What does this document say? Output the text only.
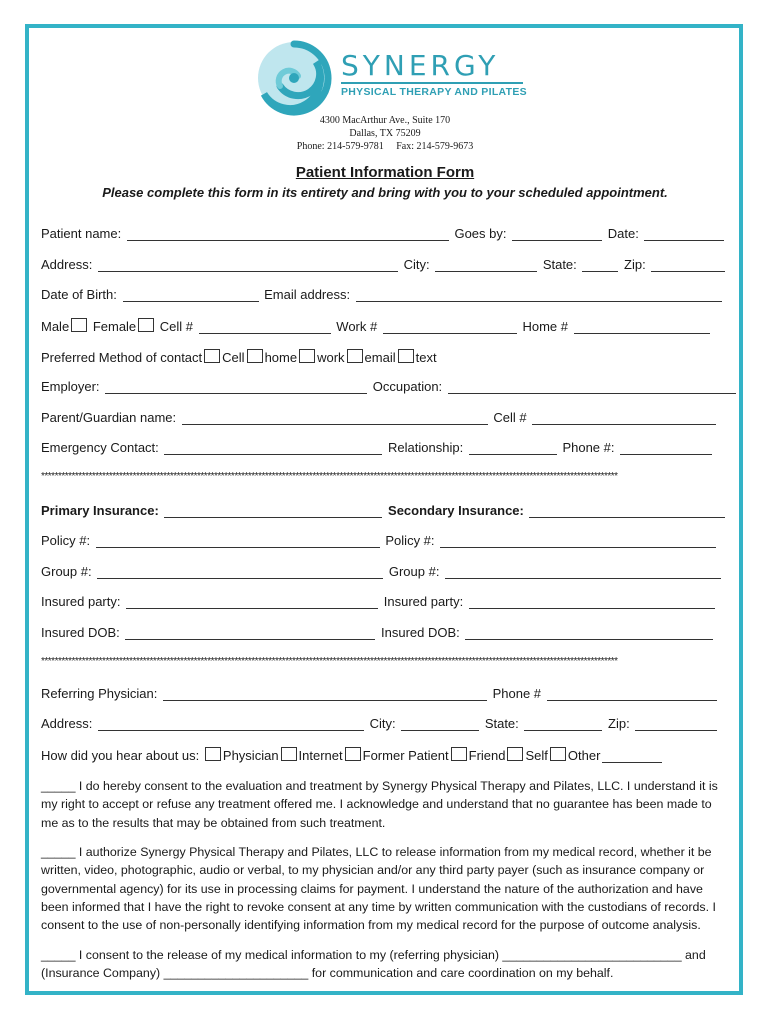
SYNERGY
PHYSICAL THERAPY AND PILATES
4300 MacArthur Ave., Suite 170
Dallas, TX 75209
Phone: 214-579-9781 Fax: 214-579-9673
Patient Information Form
Please complete this form in its entirety and bring with you to your scheduled appointment.
Patient name:	Goes by:	Date:
Address:	City:	State:	Zip:
Date of Birth:	Email address:
Male Female Cell #	Work #	Home #
Preferred Method of contact Cell home work email text
Employer:	Occupation:
Parent/Guardian name:	Cell #
Emergency Contact:	Relationship:	Phone #:
**************************************************************************************************************************************************************************
Primary Insurance:	Secondary Insurance:
Policy #:	Policy #:
Group #:	Group #:
Insured party:	Insured party:
Insured DOB:	Insured DOB:
**************************************************************************************************************************************************************************
Referring Physician:	Phone #
Address:	City:	State:	Zip:
How did you hear about us: Physician Internet Former Patient Friend Self Other
_____ I do hereby consent to the evaluation and treatment by Synergy Physical Therapy and Pilates, LLC. I understand it is my right to accept or refuse any treatment offered me. I acknowledge and understand that no guarantee has been made to me as to the results that may be obtained from such treatment.
_____ I authorize Synergy Physical Therapy and Pilates, LLC to release information from my medical record, whether it be written, video, photographic, audio or verbal, to my physician and/or any third party payer (such as insurance company or governmental agency) for its use in processing claims for payment. I understand the nature of the authorization and have been informed that I have the right to revoke consent at any time by written communication with the custodians of records. I consent to the use of non-personally identifying information from my medical record for the purpose of outcome analysis.
_____ I consent to the release of my medical information to my (referring physician) __________________________ and (Insurance Company) _____________________ for communication and care coordination on my behalf.
